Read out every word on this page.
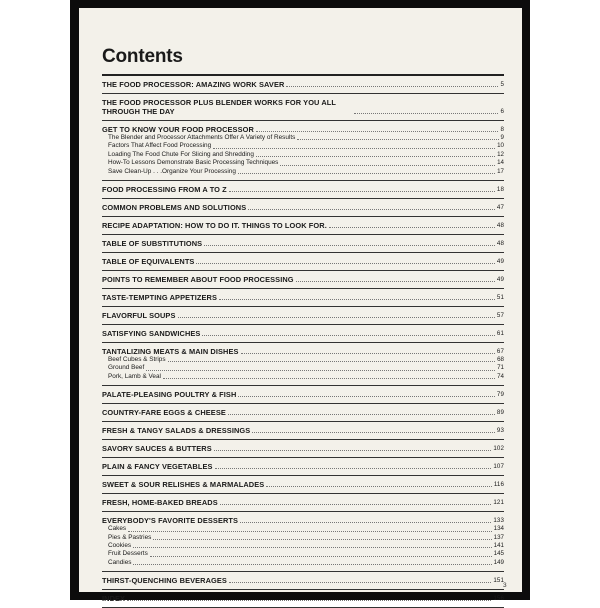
Contents
THE FOOD PROCESSOR: AMAZING WORK SAVER	5
THE FOOD PROCESSOR PLUS BLENDER WORKS FOR YOU ALL THROUGH THE DAY	6
GET TO KNOW YOUR FOOD PROCESSOR	8
The Blender and Processor Attachments Offer A Variety of Results	9
Factors That Affect Food Processing	10
Loading The Food Chute For Slicing and Shredding	12
How-To Lessons Demonstrate Basic Processing Techniques	14
Save Clean-Up . . .Organize Your Processing	17
FOOD PROCESSING FROM A TO Z	18
COMMON PROBLEMS AND SOLUTIONS	47
RECIPE ADAPTATION: HOW TO DO IT. THINGS TO LOOK FOR.	48
TABLE OF SUBSTITUTIONS	48
TABLE OF EQUIVALENTS	49
POINTS TO REMEMBER ABOUT FOOD PROCESSING	49
TASTE-TEMPTING APPETIZERS	51
FLAVORFUL SOUPS	57
SATISFYING SANDWICHES	61
TANTALIZING MEATS & MAIN DISHES	67
Beef Cubes & Strips	68
Ground Beef	71
Pork, Lamb & Veal	74
PALATE-PLEASING POULTRY & FISH	79
COUNTRY-FARE EGGS & CHEESE	89
FRESH & TANGY SALADS & DRESSINGS	93
SAVORY SAUCES & BUTTERS	102
PLAIN & FANCY VEGETABLES	107
SWEET & SOUR RELISHES & MARMALADES	116
FRESH, HOME-BAKED BREADS	121
EVERYBODY'S FAVORITE DESSERTS	133
Cakes	134
Pies & Pastries	137
Cookies	141
Fruit Desserts	145
Candies	149
THIRST-QUENCHING BEVERAGES	151
INDEX	156
3
